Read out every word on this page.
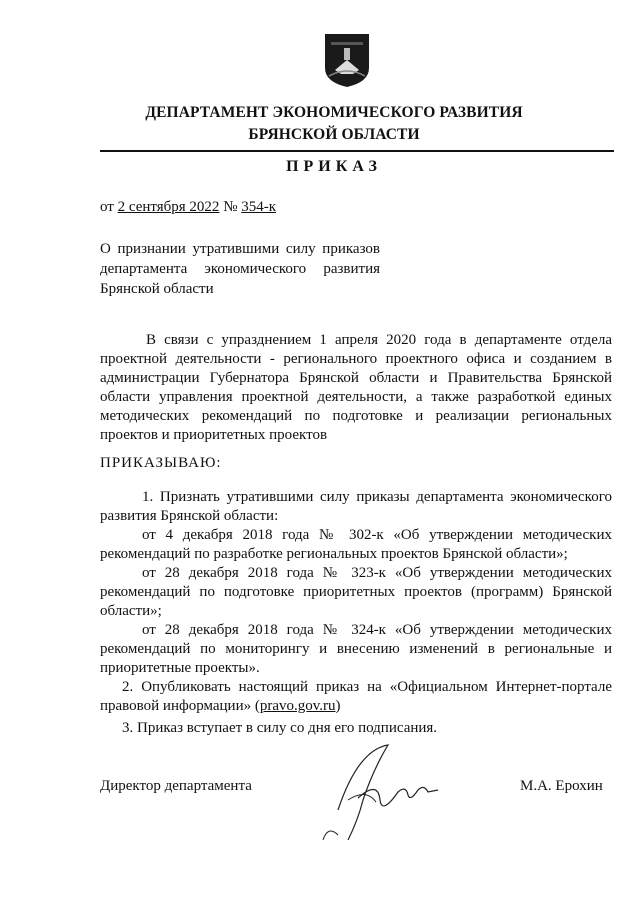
ДЕПАРТАМЕНТ ЭКОНОМИЧЕСКОГО РАЗВИТИЯ
БРЯНСКОЙ ОБЛАСТИ
ПРИКАЗ
от 2 сентября 2022 № 354-к
О признании утратившими силу приказов департамента экономического развития Брянской области
В связи с упразднением 1 апреля 2020 года в департаменте отдела проектной деятельности - регионального проектного офиса и созданием в администрации Губернатора Брянской области и Правительства Брянской области управления проектной деятельности, а также разработкой единых методических рекомендаций по подготовке и реализации региональных проектов и приоритетных проектов
ПРИКАЗЫВАЮ:

1. Признать утратившими силу приказы департамента экономического развития Брянской области:

от 4 декабря 2018 года № 302-к «Об утверждении методических рекомендаций по разработке региональных проектов Брянской области»;

от 28 декабря 2018 года № 323-к «Об утверждении методических рекомендаций по подготовке приоритетных проектов (программ) Брянской области»;

от 28 декабря 2018 года № 324-к «Об утверждении методических рекомендаций по мониторингу и внесению изменений в региональные и приоритетные проекты».

2. Опубликовать настоящий приказ на «Официальном Интернет-портале правовой информации» (pravo.gov.ru)

3. Приказ вступает в силу со дня его подписания.

Директор департамента	М.А. Ерохин
